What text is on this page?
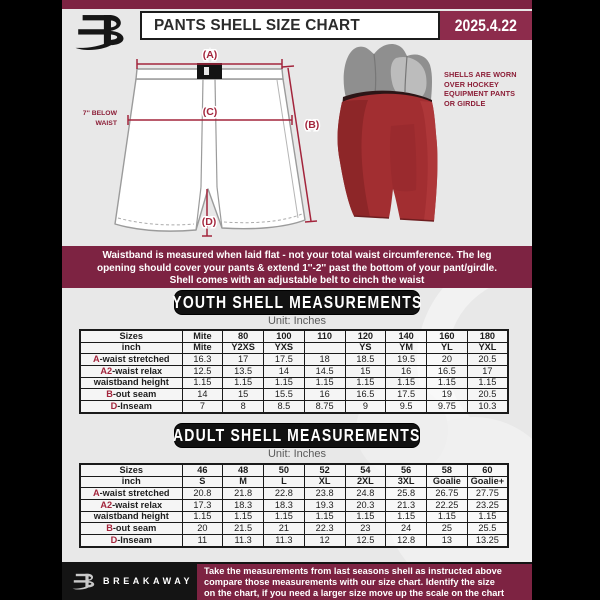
PANTS SHELL SIZE CHART	2025.4.22
(A)
(B)
(C)
(D)
7'' BELOW
WAIST
SHELLS ARE WORN
OVER HOCKEY
EQUIPMENT PANTS
OR GIRDLE
Waistband is measured when laid flat - not your total waist circumference. The leg
opening should cover your pants & extend 1''-2'' past the bottom of your pant/girdle.
Shell comes with an adjustable belt to cinch the waist
YOUTH SHELL MEASUREMENTS
Unit: Inches
Sizes	Mite	80	100	110	120	140	160	180
inch	Mite	Y2XS	YXS		YS	YM	YL	YXL
A-waist stretched	16.3	17	17.5	18	18.5	19.5	20	20.5
A2-waist relax	12.5	13.5	14	14.5	15	16	16.5	17
waistband height	1.15	1.15	1.15	1.15	1.15	1.15	1.15	1.15
B-out seam	14	15	15.5	16	16.5	17.5	19	20.5
D-Inseam	7	8	8.5	8.75	9	9.5	9.75	10.3
ADULT SHELL MEASUREMENTS
Unit: Inches
Sizes	46	48	50	52	54	56	58	60
inch	S	M	L	XL	2XL	3XL	Goalie	Goalie+
A-waist stretched	20.8	21.8	22.8	23.8	24.8	25.8	26.75	27.75
A2-waist relax	17.3	18.3	18.3	19.3	20.3	21.3	22.25	23.25
waistband height	1.15	1.15	1.15	1.15	1.15	1.15	1.15	1.15
B-out seam	20	21.5	21	22.3	23	24	25	25.5
D-Inseam	11	11.3	11.3	12	12.5	12.8	13	13.25
BREAKAWAY
Take the measurements from last seasons shell as instructed above
compare those measurements with our size chart. Identify the size
on the chart, if you need a larger size move up the scale on the chart
